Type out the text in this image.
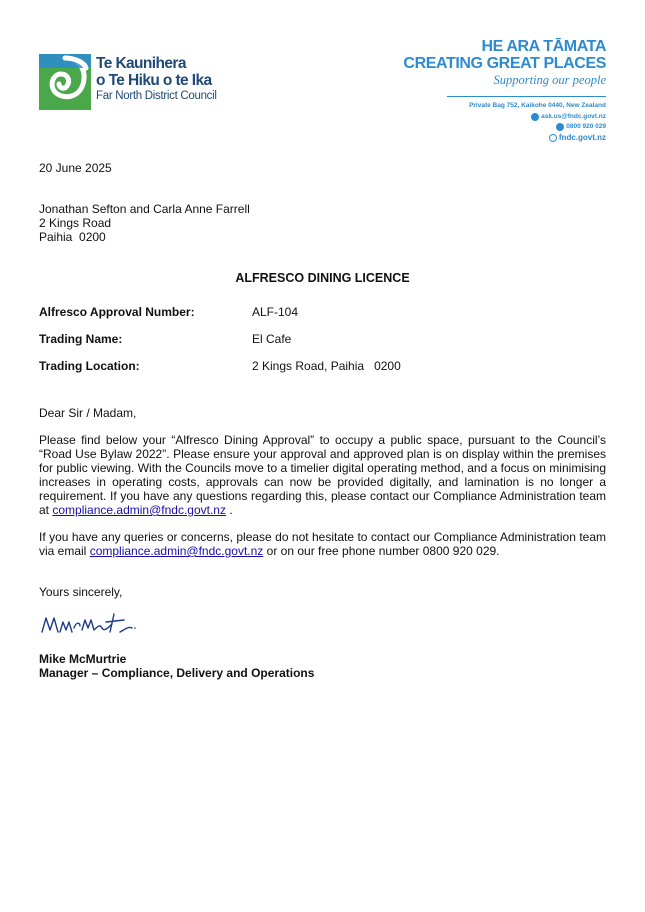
Te Kaunihera
o Te Hiku o te Ika
Far North District Council
HE ARA TĀMATA
CREATING GREAT PLACES
Supporting our people
Private Bag 752, Kaikohe 0440, New Zealand
ask.us@fndc.govt.nz
0800 920 029
fndc.govt.nz
20 June 2025
Jonathan Sefton and Carla Anne Farrell
2 Kings Road
Paihia  0200
ALFRESCO DINING LICENCE
Alfresco Approval Number:	ALF-104
Trading Name:	El Cafe
Trading Location:	2 Kings Road, Paihia   0200
Dear Sir / Madam,
Please find below your “Alfresco Dining Approval” to occupy a public space, pursuant to the Council’s “Road Use Bylaw 2022”. Please ensure your approval and approved plan is on display within the premises for public viewing. With the Councils move to a timelier digital operating method, and a focus on minimising increases in operating costs, approvals can now be provided digitally, and lamination is no longer a requirement. If you have any questions regarding this, please contact our Compliance Administration team at compliance.admin@fndc.govt.nz .
If you have any queries or concerns, please do not hesitate to contact our Compliance Administration team via email compliance.admin@fndc.govt.nz or on our free phone number 0800 920 029.
Yours sincerely,
Mike McMurtrie
Manager – Compliance, Delivery and Operations
